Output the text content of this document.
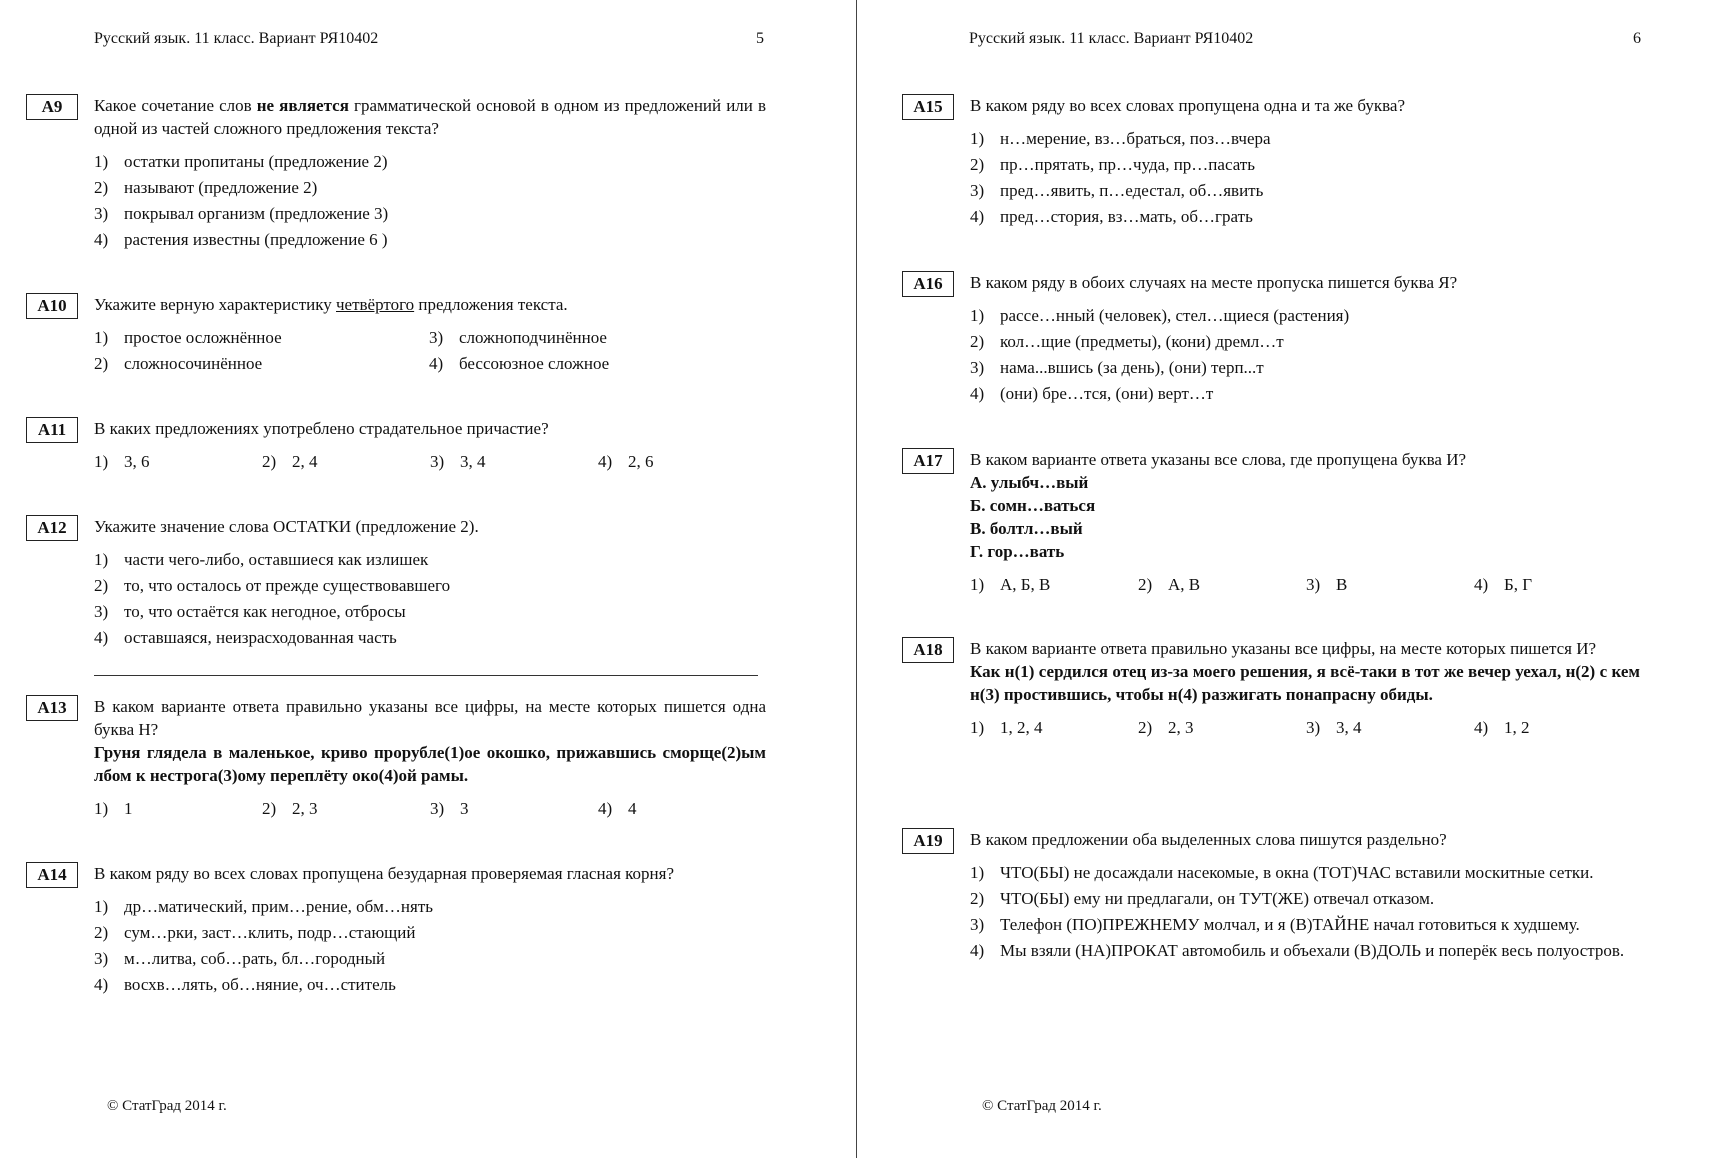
Русский язык. 11 класс. Вариант РЯ10402	5
А9	Какое сочетание слов не является грамматической основой в одном из предложений или в одной из частей сложного предложения текста?
1) остатки пропитаны (предложение 2)
2) называют (предложение 2)
3) покрывал организм (предложение 3)
4) растения известны (предложение 6 )
А10	Укажите верную характеристику четвёртого предложения текста.
1) простое осложнённое	3) сложноподчинённое
2) сложносочинённое	4) бессоюзное сложное
А11	В каких предложениях употреблено страдательное причастие?
1) 3, 6	2) 2, 4	3) 3, 4	4) 2, 6
А12	Укажите значение слова ОСТАТКИ (предложение 2).
1) части чего-либо, оставшиеся как излишек
2) то, что осталось от прежде существовавшего
3) то, что остаётся как негодное, отбросы
4) оставшаяся, неизрасходованная часть
А13	В каком варианте ответа правильно указаны все цифры, на месте которых пишется одна буква Н?
Груня глядела в маленькое, криво прорубле(1)ое окошко, прижавшись сморще(2)ым лбом к нестрога(3)ому переплёту око(4)ой рамы.
1) 1	2) 2, 3	3) 3	4) 4
А14	В каком ряду во всех словах пропущена безударная проверяемая гласная корня?
1) др…матический, прим…рение, обм…нять
2) сум…рки, заст…клить, подр…стающий
3) м…литва, соб…рать, бл…городный
4) восхв…лять, об…няние, оч…ститель
© СтатГрад 2014 г.
Русский язык. 11 класс. Вариант РЯ10402	6
А15	В каком ряду во всех словах пропущена одна и та же буква?
1) н…мерение, вз…браться, поз…вчера
2) пр…прятать, пр…чуда, пр…пасать
3) пред…явить, п…едестал, об…явить
4) пред…стория, вз…мать, об…грать
А16	В каком ряду в обоих случаях на месте пропуска пишется буква Я?
1) рассе…нный (человек), стел…щиеся (растения)
2) кол…щие (предметы), (кони) дремл…т
3) нама...вшись (за день), (они) терп...т
4) (они) бре…тся, (они) верт…т
А17	В каком варианте ответа указаны все слова, где пропущена буква И?
А. улыбч…вый
Б. сомн…ваться
В. болтл…вый
Г. гор…вать
1) А, Б, В	2) А, В	3) В	4) Б, Г
А18	В каком варианте ответа правильно указаны все цифры, на месте которых пишется И?
Как н(1) сердился отец из-за моего решения, я всё-таки в тот же вечер уехал, н(2) с кем н(3) простившись, чтобы н(4) разжигать понапрасну обиды.
1) 1, 2, 4	2) 2, 3	3) 3, 4	4) 1, 2
А19	В каком предложении оба выделенных слова пишутся раздельно?
1) ЧТО(БЫ) не досаждали насекомые, в окна (ТОТ)ЧАС вставили москитные сетки.
2) ЧТО(БЫ) ему ни предлагали, он ТУТ(ЖЕ) отвечал отказом.
3) Телефон (ПО)ПРЕЖНЕМУ молчал, и я (В)ТАЙНЕ начал готовиться к худшему.
4) Мы взяли (НА)ПРОКАТ автомобиль и объехали (В)ДОЛЬ и поперёк весь полуостров.
© СтатГрад 2014 г.
